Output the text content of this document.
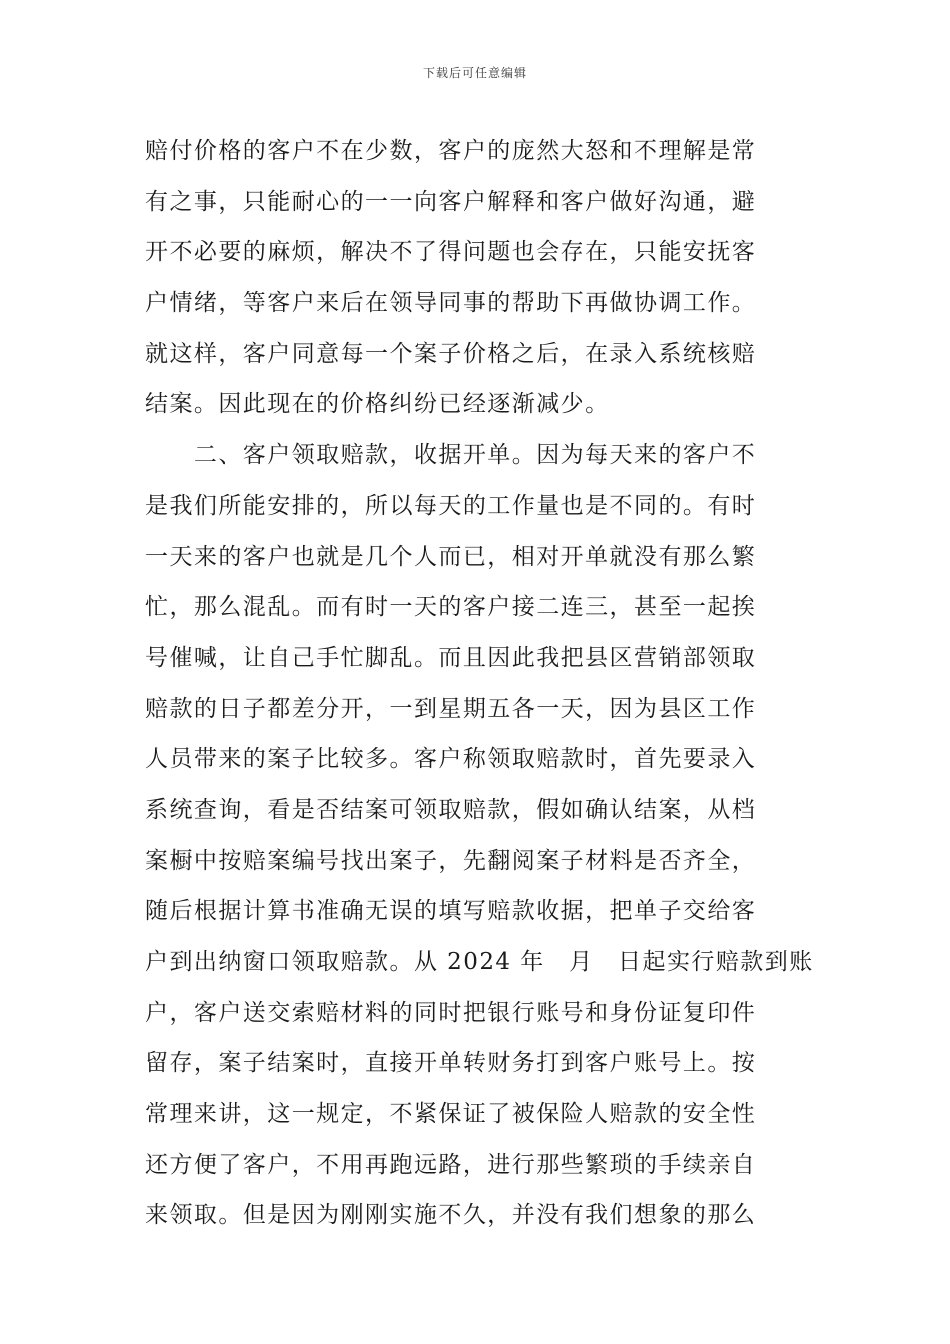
下载后可任意编辑
赔付价格的客户不在少数，客户的庞然大怒和不理解是常
有之事，只能耐心的一一向客户解释和客户做好沟通，避
开不必要的麻烦，解决不了得问题也会存在，只能安抚客
户情绪，等客户来后在领导同事的帮助下再做协调工作。
就这样，客户同意每一个案子价格之后，在录入系统核赔
结案。因此现在的价格纠纷已经逐渐减少。
　　二、客户领取赔款，收据开单。因为每天来的客户不
是我们所能安排的，所以每天的工作量也是不同的。有时
一天来的客户也就是几个人而已，相对开单就没有那么繁
忙，那么混乱。而有时一天的客户接二连三，甚至一起挨
号催喊，让自己手忙脚乱。而且因此我把县区营销部领取
赔款的日子都差分开，一到星期五各一天，因为县区工作
人员带来的案子比较多。客户称领取赔款时，首先要录入
系统查询，看是否结案可领取赔款，假如确认结案，从档
案橱中按赔案编号找出案子，先翻阅案子材料是否齐全，
随后根据计算书准确无误的填写赔款收据，把单子交给客
户到出纳窗口领取赔款。从 2024 年　月　日起实行赔款到账
户，客户送交索赔材料的同时把银行账号和身份证复印件
留存，案子结案时，直接开单转财务打到客户账号上。按
常理来讲，这一规定，不紧保证了被保险人赔款的安全性
还方便了客户，不用再跑远路，进行那些繁琐的手续亲自
来领取。但是因为刚刚实施不久，并没有我们想象的那么
